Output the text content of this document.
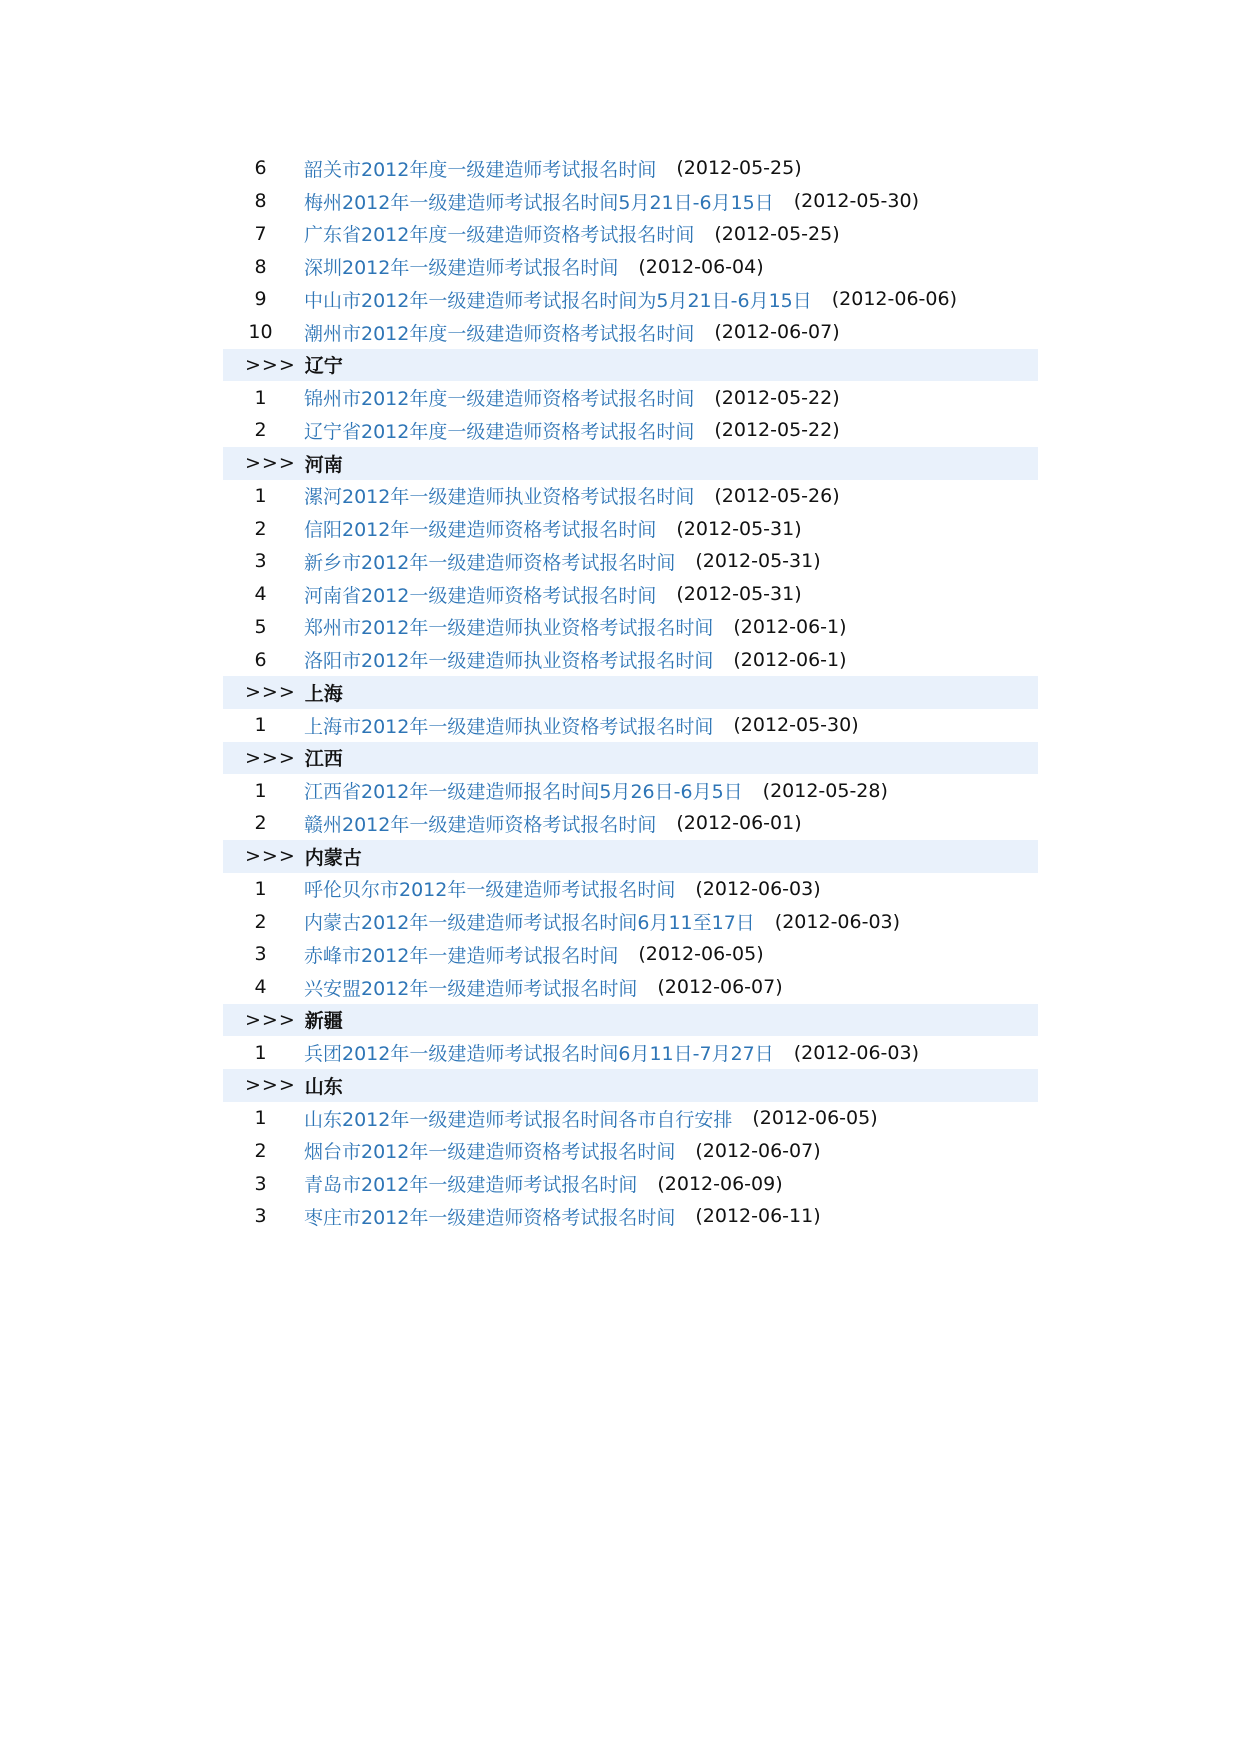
6	韶关市2012年度一级建造师考试报名时间 (2012-05-25)
8	梅州2012年一级建造师考试报名时间5月21日-6月15日 (2012-05-30)
7	广东省2012年度一级建造师资格考试报名时间 (2012-05-25)
8	深圳2012年一级建造师考试报名时间 (2012-06-04)
9	中山市2012年一级建造师考试报名时间为5月21日-6月15日 (2012-06-06)
10	潮州市2012年度一级建造师资格考试报名时间 (2012-06-07)
>>> 辽宁
1	锦州市2012年度一级建造师资格考试报名时间 (2012-05-22)
2	辽宁省2012年度一级建造师资格考试报名时间 (2012-05-22)
>>> 河南
1	漯河2012年一级建造师执业资格考试报名时间 (2012-05-26)
2	信阳2012年一级建造师资格考试报名时间 (2012-05-31)
3	新乡市2012年一级建造师资格考试报名时间 (2012-05-31)
4	河南省2012一级建造师资格考试报名时间 (2012-05-31)
5	郑州市2012年一级建造师执业资格考试报名时间 (2012-06-1)
6	洛阳市2012年一级建造师执业资格考试报名时间 (2012-06-1)
>>> 上海
1	上海市2012年一级建造师执业资格考试报名时间 (2012-05-30)
>>> 江西
1	江西省2012年一级建造师报名时间5月26日-6月5日 (2012-05-28)
2	赣州2012年一级建造师资格考试报名时间 (2012-06-01)
>>> 内蒙古
1	呼伦贝尔市2012年一级建造师考试报名时间 (2012-06-03)
2	内蒙古2012年一级建造师考试报名时间6月11至17日 (2012-06-03)
3	赤峰市2012年一建造师考试报名时间 (2012-06-05)
4	兴安盟2012年一级建造师考试报名时间 (2012-06-07)
>>> 新疆
1	兵团2012年一级建造师考试报名时间6月11日-7月27日 (2012-06-03)
>>> 山东
1	山东2012年一级建造师考试报名时间各市自行安排 (2012-06-05)
2	烟台市2012年一级建造师资格考试报名时间 (2012-06-07)
3	青岛市2012年一级建造师考试报名时间 (2012-06-09)
3	枣庄市2012年一级建造师资格考试报名时间 (2012-06-11)
